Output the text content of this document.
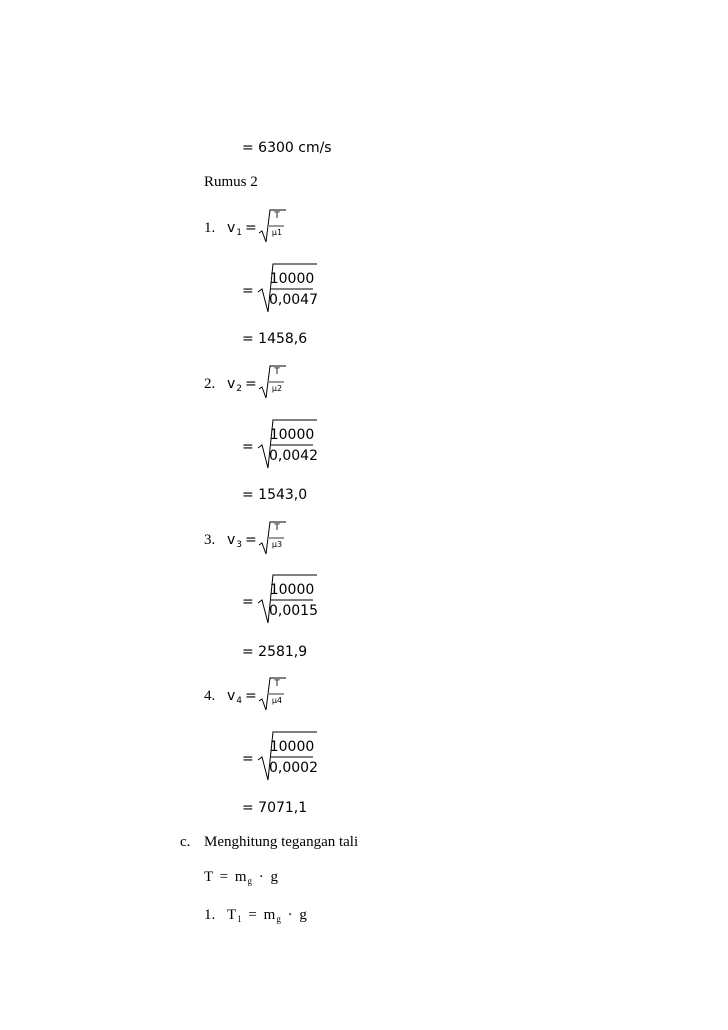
= 6300 cm/s
Rumus 2
1. $v_1$ =
T
μ1
=
10000
0,0047
= 1458,6
2. $v_2$ =
T
μ2
=
10000
0,0042
= 1543,0
3. $v_3$ =
T
μ3
=
10000
0,0015
= 2581,9
4. $v_4$ =
T
μ4
=
10000
0,0002
= 7071,1
c. Menghitung tegangan tali
$T = m_g \cdot g$
1. $T_1 = m_g \cdot g$
